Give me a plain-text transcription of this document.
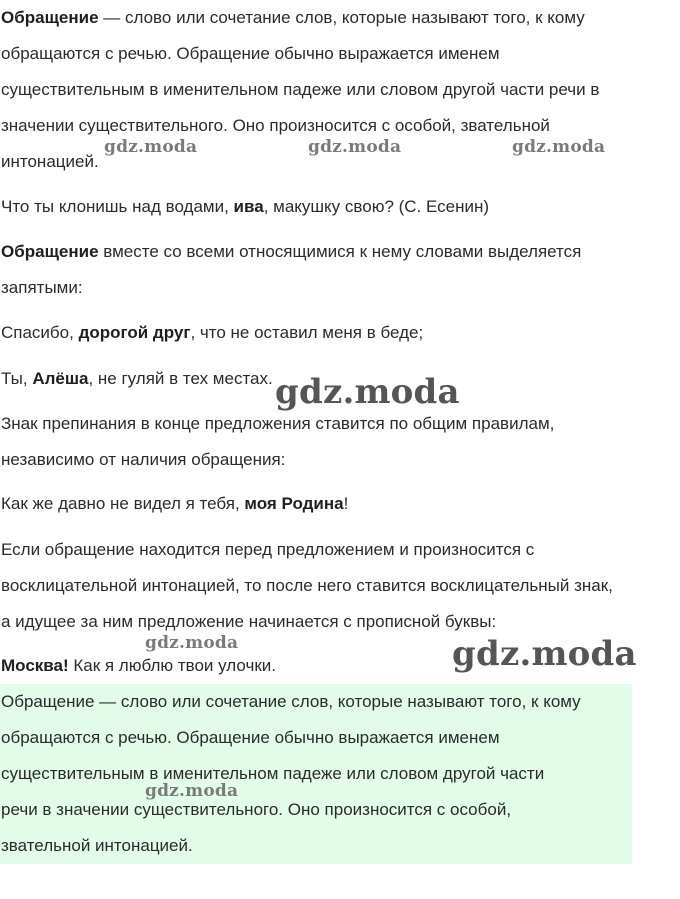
Обращение — слово или сочетание слов, которые называют того, к кому
обращаются с речью. Обращение обычно выражается именем
существительным в именительном падеже или словом другой части речи в
значении существительного. Оно произносится с особой, звательной
интонацией.
Что ты клонишь над водами, ива, макушку свою? (С. Есенин)
Обращение вместе со всеми относящимися к нему словами выделяется
запятыми:
Спасибо, дорогой друг, что не оставил меня в беде;
Ты, Алёша, не гуляй в тех местах.
Знак препинания в конце предложения ставится по общим правилам,
независимо от наличия обращения:
Как же давно не видел я тебя, моя Родина!
Если обращение находится перед предложением и произносится с
восклицательной интонацией, то после него ставится восклицательный знак,
а идущее за ним предложение начинается с прописной буквы:
Москва! Как я люблю твои улочки.
Обращение — слово или сочетание слов, которые называют того, к кому
обращаются с речью. Обращение обычно выражается именем
существительным в именительном падеже или словом другой части
речи в значении существительного. Оно произносится с особой,
звательной интонацией.
gdz.moda	gdz.moda	gdz.moda
gdz.moda
gdz.moda	gdz.moda
gdz.moda
